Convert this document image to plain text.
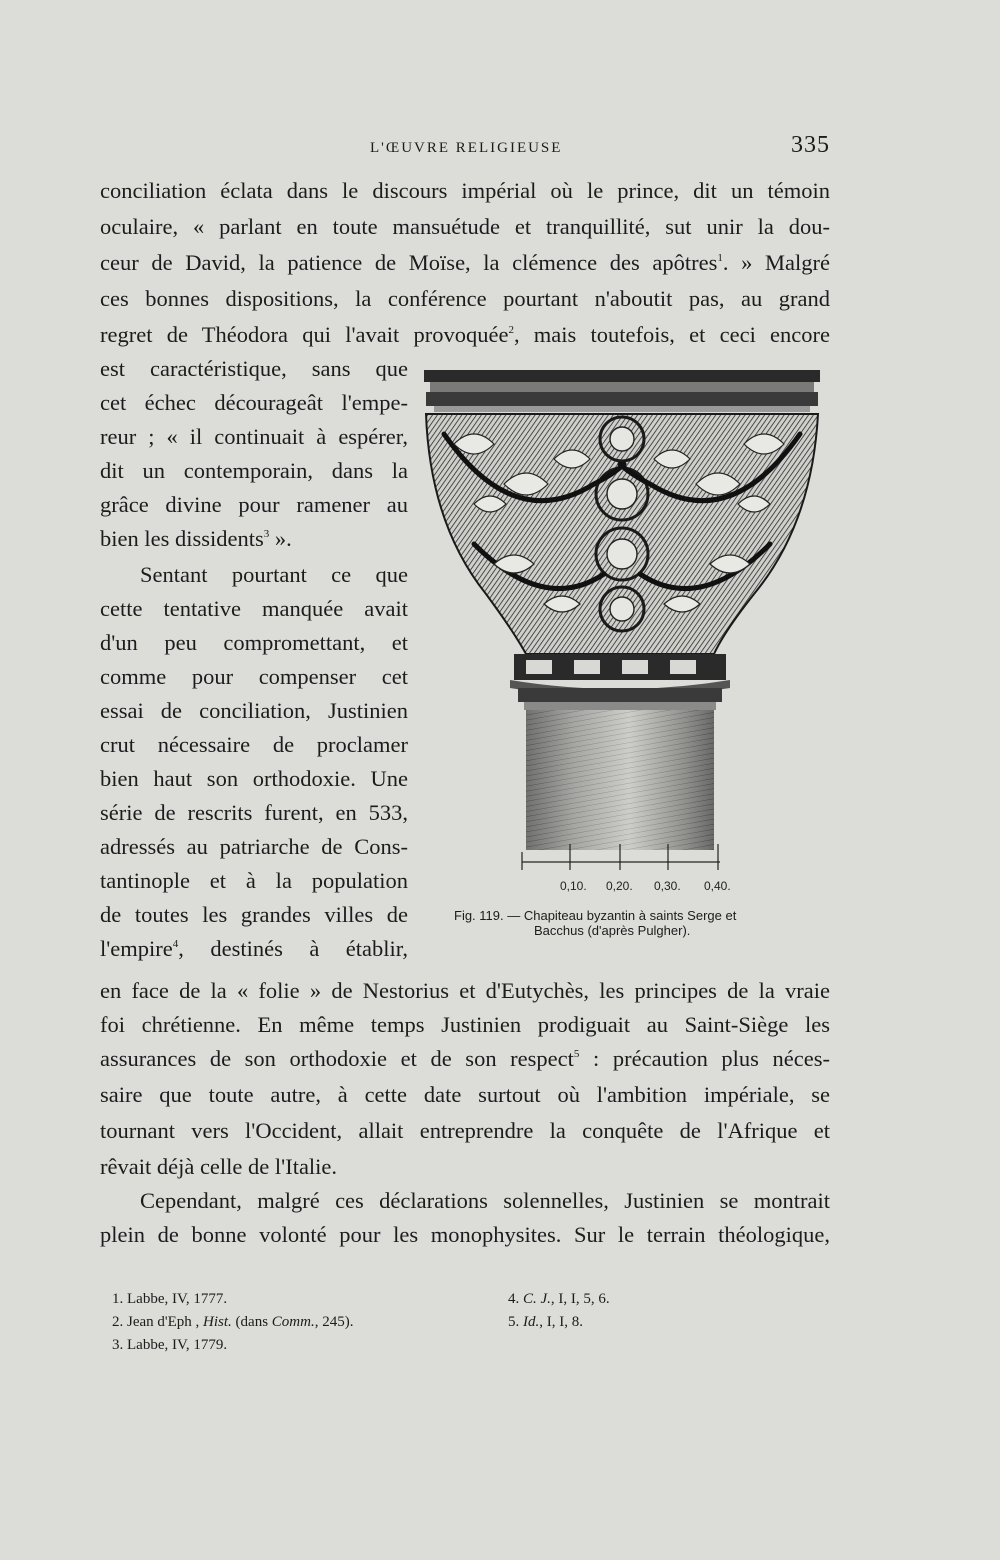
L'ŒUVRE RELIGIEUSE	335
conciliation éclata dans le discours impérial où le prince, dit un témoin
oculaire, « parlant en toute mansuétude et tranquillité, sut unir la dou-
ceur de David, la patience de Moïse, la clémence des apôtres$^1$. » Malgré
ces bonnes dispositions, la conférence pourtant n'aboutit pas, au grand
regret de Théodora qui l'avait provoquée$^2$, mais toutefois, et ceci encore
est caractéristique, sans que
cet échec décourageât l'empe-
reur ; « il continuait à espérer,
dit un contemporain, dans la
grâce divine pour ramener au
bien les dissidents$^3$ ».
Sentant pourtant ce que
cette tentative manquée avait
d'un peu compromettant, et
comme pour compenser cet
essai de conciliation, Justinien
crut nécessaire de proclamer
bien haut son orthodoxie. Une
série de rescrits furent, en 533,
adressés au patriarche de Cons-
tantinople et à la population
de toutes les grandes villes de
l'empire$^4$, destinés à établir,
en face de la « folie » de Nestorius et d'Eutychès, les principes de la vraie
foi chrétienne. En même temps Justinien prodiguait au Saint-Siège les
assurances de son orthodoxie et de son respect$^5$ : précaution plus néces-
saire que toute autre, à cette date surtout où l'ambition impériale, se
tournant vers l'Occident, allait entreprendre la conquête de l'Afrique et
rêvait déjà celle de l'Italie.
Cependant, malgré ces déclarations solennelles, Justinien se montrait
plein de bonne volonté pour les monophysites. Sur le terrain théologique,
0,10. 0,20. 0,30. 0,40.
Fig. 119. — Chapiteau byzantin à saints Serge et
Bacchus (d'après Pulgher).
1. Labbe, IV, 1777.
2. Jean d'Eph , Hist. (dans Comm., 245).
3. Labbe, IV, 1779.
4. C. J., I, I, 5, 6.
5. Id., I, I, 8.
